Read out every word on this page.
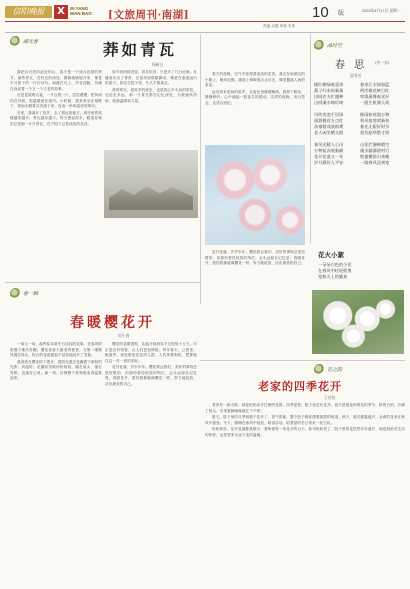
信阳晚报	X	IN YANG
WAN BAO [文旅周刊·南湖]	10 版	2023年4月17日 星期一
责编 余霞 审校 朱伟
湖光春	莽如青瓦
杨新日

我把目光投向远处的山，春天是一个适合远望的季节。那些青瓦，在时光的深处，静静地铺展开来，像是岁月留下的一行行诗句。雨落在瓦上，声音清脆，仿佛在诉说着一个又一个古老的故事。

瓦是老屋的衣裳，一片压着一片，层层叠叠，把风雨挡在外面，把温暖留在屋内。小时候，我常常坐在屋檐下，看雨水顺着瓦沟流下来，连成一串串晶莹的珠帘。

后来，我离开了故乡，去了很远的地方。城市里的高楼越来越多，青瓦越来越少。每当想起故乡，眼前浮现的总是那一片片青瓦，在夕阳下泛着淡淡的光泽。

如今再回到老屋，青瓦依旧，只是多了几分沧桑。瓦缝里长出了青苔，在春风里微微颤动，像是在欢迎远归的游子。我站在院子里，久久不愿离去。

莽莽青瓦，是故乡的底色，也是我心中永远的牵挂。无论走多远，那一片青瓦都在记忆深处，为我遮风挡雨，给我温暖和力量。

春天的夜晚，空气中弥漫着淡淡的花香。我走在南湖边的小路上，晚风轻拂，湖面上倒映着点点灯光，像是撒落人间的星星。

远处传来悠扬的笛声，在夜色里缓缓飘荡。我停下脚步，静静聆听，心中涌起一股莫名的感动。这样的夜晚，适合思念，也适合回忆。

春一瞬
春暖樱花开
周小春

一场又一场，那些原本被冬日冰封的花事，在春风的吹拂下渐次苏醒。樱花是春天最美的使者，当第一缕暖风拂过枝头，粉白的花苞便迫不及待地绽开了笑脸。

我喜欢在樱花树下漫步，看阳光透过花瓣洒下斑驳的光影。风起时，花瓣如雪般纷纷扬扬，落在肩头，落在发梢，也落在心里。那一刻，仿佛整个世界都变得温柔起来。

樱花的花期很短，从盛开到凋零不过短短十几天。可正是这份短暂，让人们更加珍惜。每年春天，公园里、街道旁，到处都是赏花的人群，人们拿着相机，想要留住这一年一度的美好。

花开花落，岁岁年年。樱花教会我们，美好的事物总是短暂的，但那份曾经绽放的绚烂，会永远留在记忆里。春暖花开，愿你我都能像樱花一样，努力地绽放，活出最美的自己。

花开花落，岁岁年年。樱花教会我们，美好的事物总是短暂的，但那份曾经绽放的绚烂，会永远留在记忆里。春暖花开，愿你我都能像樱花一样，努力地绽放，活出最美的自己。

品时空
春 思 (外一首)
邵秀芳
桃红柳绿春意浓
燕子归来筑新巢
田间农夫忙播种
山间溪水响叮咚
风吹麦浪千层绿
雨润桃花万点红
孩童嬉戏放纸鸢
老人闲坐晒太阳
春风送暖入心田
万物复苏展新颜
花开花落又一年
岁月静好人平安
春来江水绿如蓝
两岸桃花映日红
莺歌燕舞春光好
一派生机满人间
细雨如丝润万物
和风似剪裁新枝
春光无限好时节
莫负韶华惜寸阴
山花烂漫映晴空
溪水潺潺绕村行
牧童横笛归来晚
一路春风送到家
花火小絮
一朵朵白色的小花
在春风中轻轻摇曳
宛如天上的繁星
花之韵
老家的四季花开
王若怡

老家有一座小院，那是奶奶亲手打理的花园。四季更替，院子里总有花开。春天是桃花和梨花的季节，粉的白的，开满了枝头，引来蜜蜂嗡嗡地忙个不停。

夏天，院子里的月季和栀子花开了，香气浓郁，整个院子都弥漫着甜甜的味道。秋天，菊花傲霜盛开，金黄的花朵在秋风中摇曳。冬天，腊梅在寒风中绽放，暗香浮动，给萧瑟的冬日带来一丝生机。

奶奶常说，花开花落都是缘分，要珍惜每一朵花开的日子。如今奶奶老了，院子里的花依然年年盛开，那是奶奶对生活的热爱，也是老家永远不变的温暖。
